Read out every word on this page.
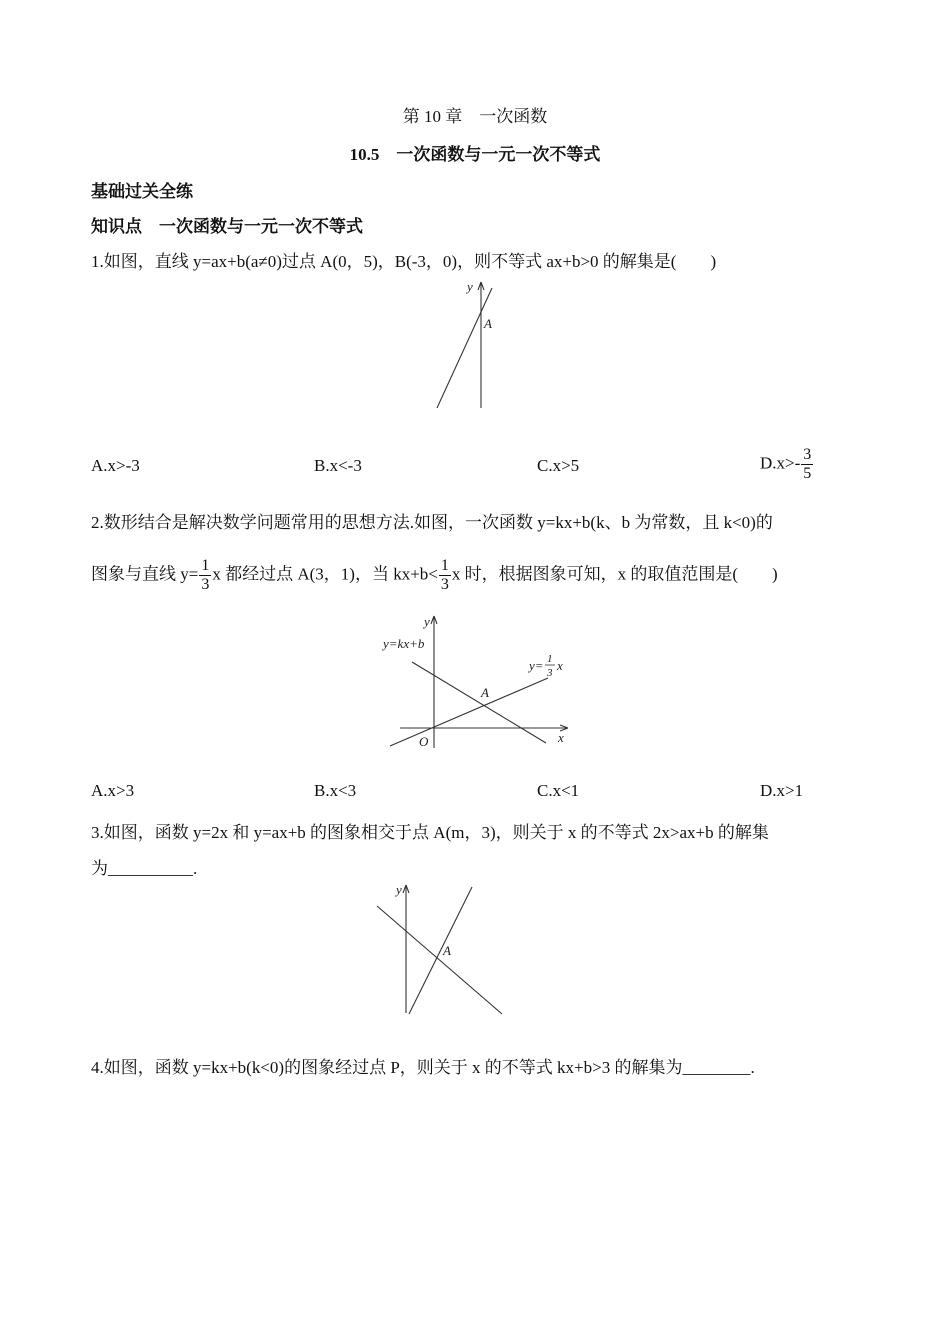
第 10 章　一次函数
10.5　一次函数与一元一次不等式
基础过关全练
知识点　一次函数与一元一次不等式
1.如图，直线 y=ax+b(a≠0)过点 A(0，5)，B(-3，0)，则不等式 ax+b>0 的解集是(　　)
y
A
A.x>-3	B.x<-3	C.x>5	$D.x>- \frac{3}{5}$
2.数形结合是解决数学问题常用的思想方法.如图，一次函数 y=kx+b(k、b 为常数，且 k<0)的
图象与直线 $y= \frac{1}{3}$ x 都经过点 A(3，1)，当 $kx+b< \frac{1}{3}$ x 时，根据图象可知，x 的取值范围是(　　)
y
x
O
A
y=kx+b
y= 1
3 x
A.x>3	B.x<3	C.x<1	D.x>1
3.如图，函数 y=2x 和 y=ax+b 的图象相交于点 A(m，3)，则关于 x 的不等式 2x>ax+b 的解集
为__________.
y
A
4.如图，函数 y=kx+b(k<0)的图象经过点 P，则关于 x 的不等式 kx+b>3 的解集为________.
